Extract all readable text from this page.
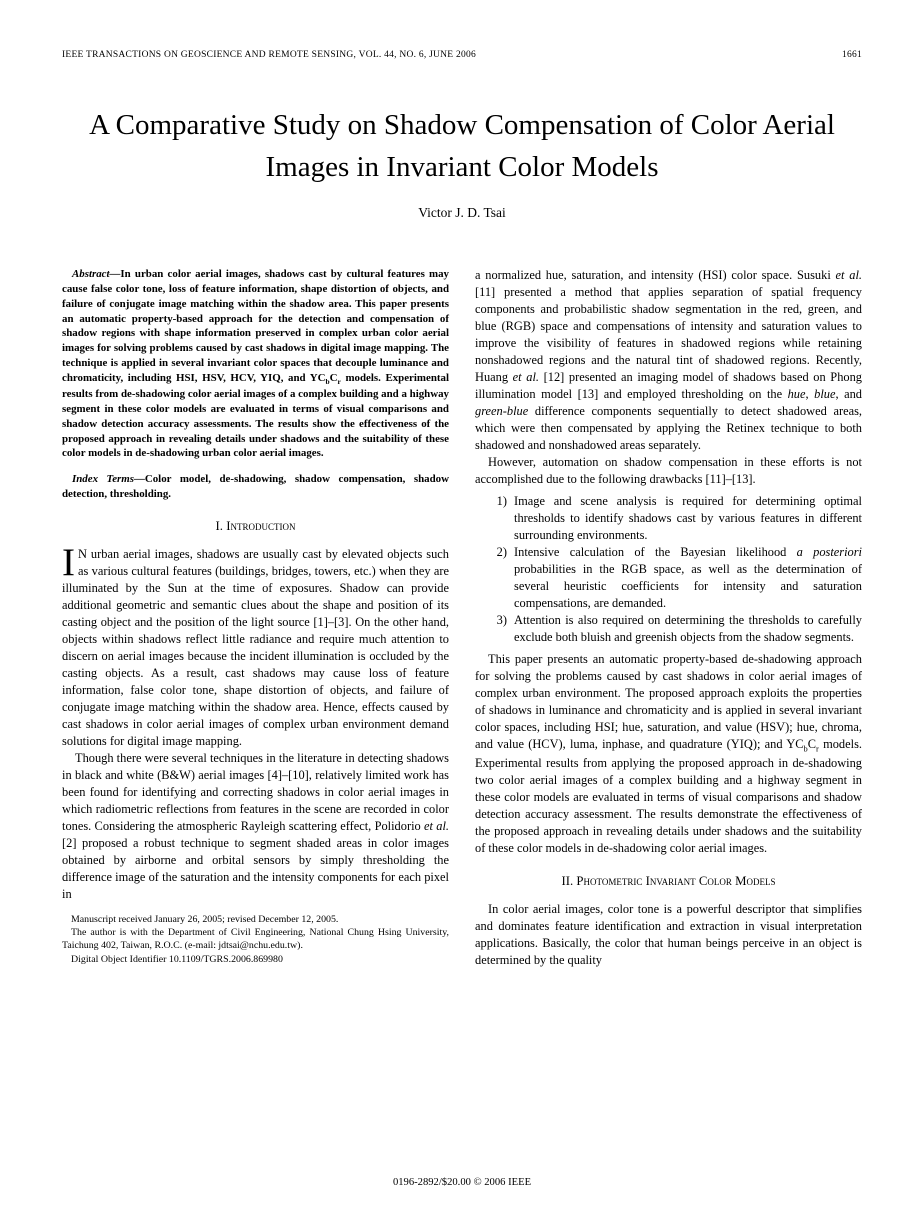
IEEE TRANSACTIONS ON GEOSCIENCE AND REMOTE SENSING, VOL. 44, NO. 6, JUNE 2006	1661
A Comparative Study on Shadow Compensation of Color Aerial Images in Invariant Color Models
Victor J. D. Tsai

Abstract—In urban color aerial images, shadows cast by cultural features may cause false color tone, loss of feature information, shape distortion of objects, and failure of conjugate image matching within the shadow area. This paper presents an automatic property-based approach for the detection and compensation of shadow regions with shape information preserved in complex urban color aerial images for solving problems caused by cast shadows in digital image mapping. The technique is applied in several invariant color spaces that decouple luminance and chromaticity, including HSI, HSV, HCV, YIQ, and $YC_bC_r$ models. Experimental results from de-shadowing color aerial images of a complex building and a highway segment in these color models are evaluated in terms of visual comparisons and shadow detection accuracy assessments. The results show the effectiveness of the proposed approach in revealing details under shadows and the suitability of these color models in de-shadowing urban color aerial images.

Index Terms—Color model, de-shadowing, shadow compensation, shadow detection, thresholding.

I. Introduction

I N urban aerial images, shadows are usually cast by elevated objects such as various cultural features (buildings, bridges, towers, etc.) when they are illuminated by the Sun at the time of exposures. Shadow can provide additional geometric and semantic clues about the shape and position of its casting object and the position of the light source [1]–[3]. On the other hand, objects within shadows reflect little radiance and require much attention to discern on aerial images because the incident illumination is occluded by the casting objects. As a result, cast shadows may cause loss of feature information, false color tone, shape distortion of objects, and failure of conjugate image matching within the shadow area. Hence, effects caused by cast shadows in color aerial images of complex urban environment demand solutions for digital image mapping.

Though there were several techniques in the literature in detecting shadows in black and white (B&W) aerial images [4]–[10], relatively limited work has been found for identifying and correcting shadows in color aerial images in which radiometric reflections from features in the scene are recorded in color tones. Considering the atmospheric Rayleigh scattering effect, Polidorio et al. [2] proposed a robust technique to segment shaded areas in color images obtained by airborne and orbital sensors by simply thresholding the difference image of the saturation and the intensity components for each pixel in

Manuscript received January 26, 2005; revised December 12, 2005.

The author is with the Department of Civil Engineering, National Chung Hsing University, Taichung 402, Taiwan, R.O.C. (e-mail: jdtsai@nchu.edu.tw).

Digital Object Identifier 10.1109/TGRS.2006.869980

a normalized hue, saturation, and intensity (HSI) color space. Susuki et al. [11] presented a method that applies separation of spatial frequency components and probabilistic shadow segmentation in the red, green, and blue (RGB) space and compensations of intensity and saturation values to improve the visibility of features in shadowed regions while retaining nonshadowed regions and the natural tint of shadowed regions. Recently, Huang et al. [12] presented an imaging model of shadows based on Phong illumination model [13] and employed thresholding on the hue, blue, and green-blue difference components sequentially to detect shadowed areas, which were then compensated by applying the Retinex technique to both shadowed and nonshadowed areas separately.

However, automation on shadow compensation in these efforts is not accomplished due to the following drawbacks [11]–[13].

1) Image and scene analysis is required for determining optimal thresholds to identify shadows cast by various features in different surrounding environments.
2) Intensive calculation of the Bayesian likelihood a posteriori probabilities in the RGB space, as well as the determination of several heuristic coefficients for intensity and saturation compensations, are demanded.
3) Attention is also required on determining the thresholds to carefully exclude both bluish and greenish objects from the shadow segments.

This paper presents an automatic property-based de-shadowing approach for solving the problems caused by cast shadows in color aerial images of complex urban environment. The proposed approach exploits the properties of shadows in luminance and chromaticity and is applied in several invariant color spaces, including HSI; hue, saturation, and value (HSV); hue, chroma, and value (HCV), luma, inphase, and quadrature (YIQ); and $YC_bC_r$ models. Experimental results from applying the proposed approach in de-shadowing two color aerial images of a complex building and a highway segment in these color models are evaluated in terms of visual comparisons and shadow detection accuracy assessment. The results demonstrate the effectiveness of the proposed approach in revealing details under shadows and the suitability of these color models in de-shadowing color aerial images.

II. Photometric Invariant Color Models

In color aerial images, color tone is a powerful descriptor that simplifies and dominates feature identification and extraction in visual interpretation applications. Basically, the color that human beings perceive in an object is determined by the quality

0196-2892/$20.00 © 2006 IEEE
